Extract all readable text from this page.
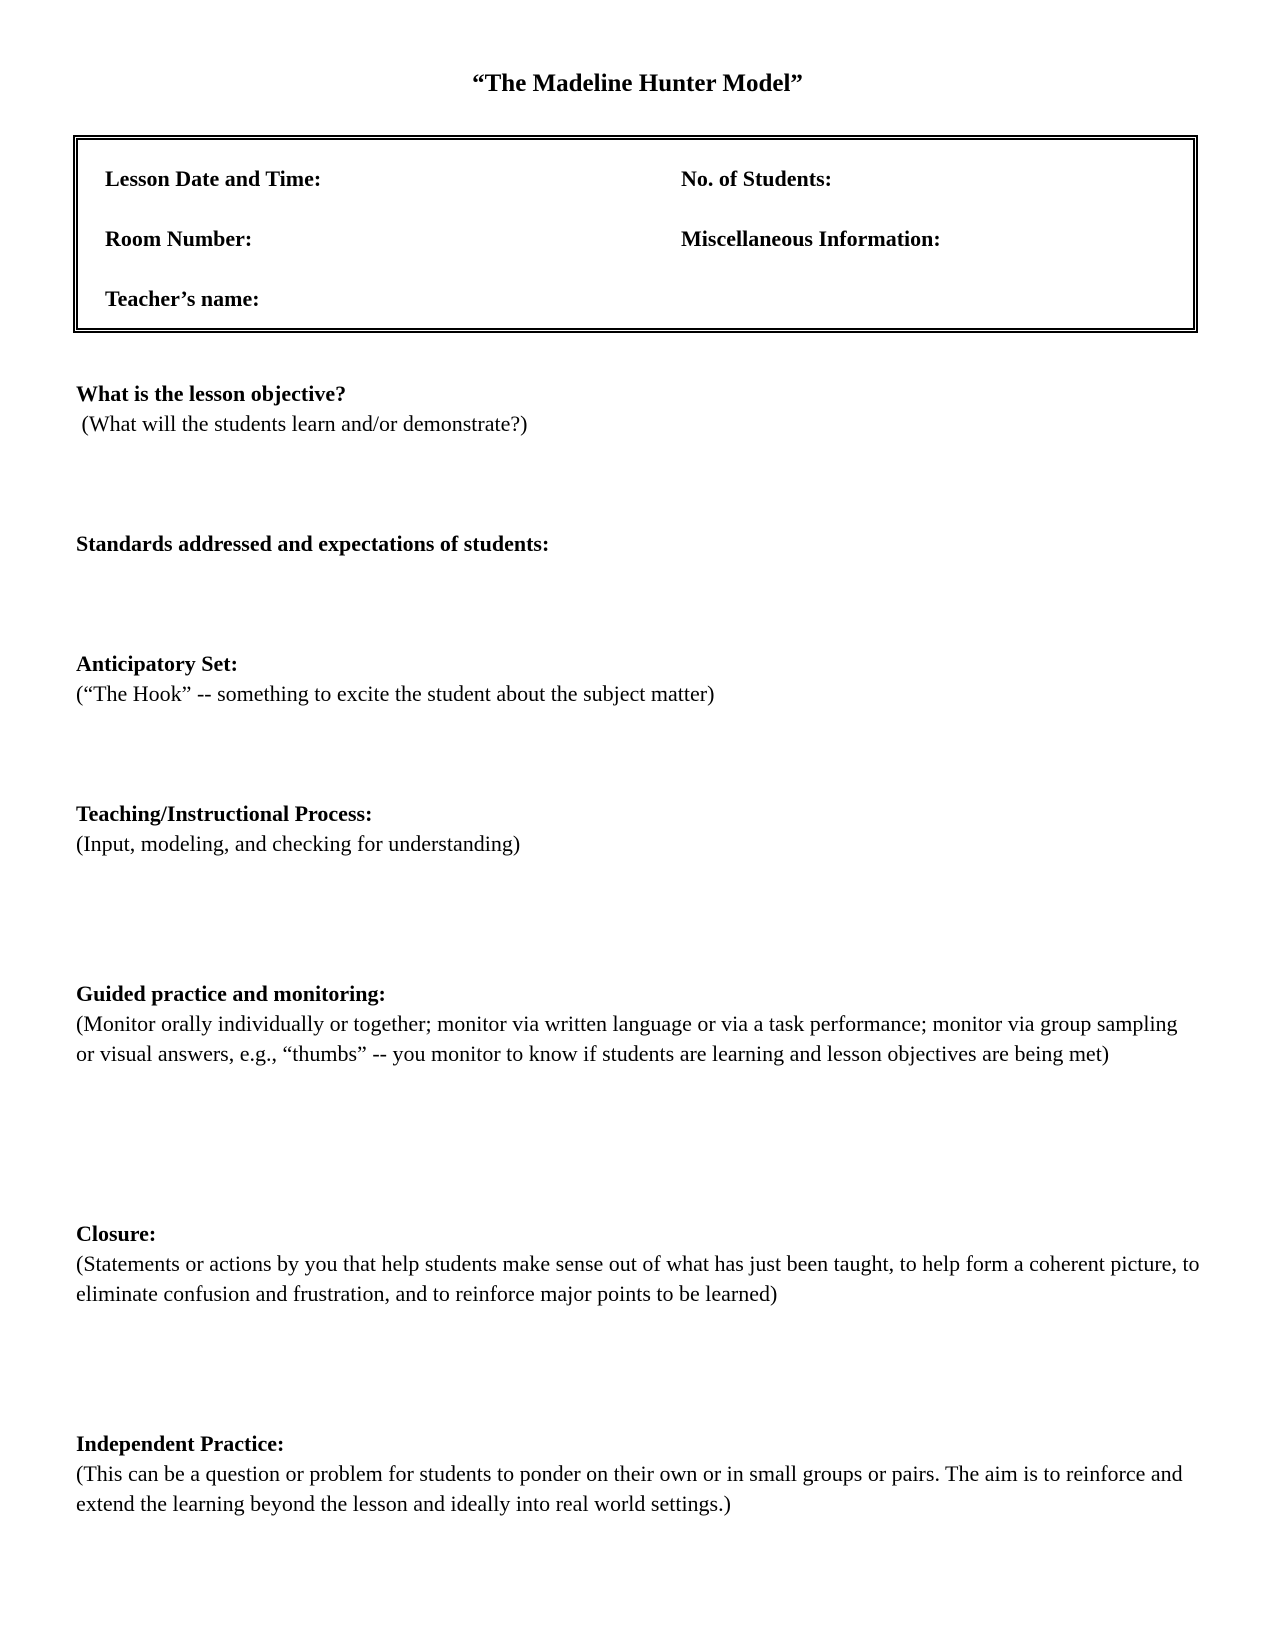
“The Madeline Hunter Model”
Lesson Date and Time:	No. of Students:
Room Number:	Miscellaneous Information:
Teacher’s name:
What is the lesson objective?
(What will the students learn and/or demonstrate?)
Standards addressed and expectations of students:
Anticipatory Set:
(“The Hook” -- something to excite the student about the subject matter)
Teaching/Instructional Process:
(Input, modeling, and checking for understanding)
Guided practice and monitoring:
(Monitor orally individually or together; monitor via written language or via a task performance; monitor via group sampling or visual answers, e.g., “thumbs” -- you monitor to know if students are learning and lesson objectives are being met)
Closure:
(Statements or actions by you that help students make sense out of what has just been taught, to help form a coherent picture, to eliminate confusion and frustration, and to reinforce major points to be learned)
Independent Practice:
(This can be a question or problem for students to ponder on their own or in small groups or pairs. The aim is to reinforce and extend the learning beyond the lesson and ideally into real world settings.)
